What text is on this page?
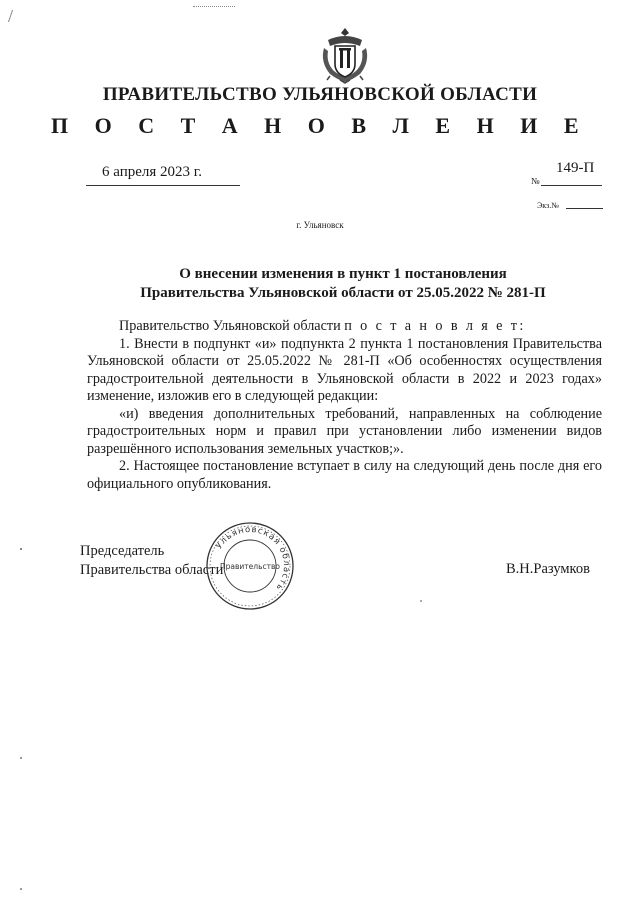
/
ПРАВИТЕЛЬСТВО УЛЬЯНОВСКОЙ ОБЛАСТИ
П О С Т А Н О В Л Е Н И Е
6 апреля 2023 г.
№
149-П
Экз.№
г. Ульяновск
О внесении изменения в пункт 1 постановления
Правительства Ульяновской области от 25.05.2022 № 281-П

Правительство Ульяновской области п о с т а н о в л я е т:

1. Внести в подпункт «и» подпункта 2 пункта 1 постановления Правительства Ульяновской области от 25.05.2022 № 281-П «Об особенностях осуществления градостроительной деятельности в Ульяновской области в 2022 и 2023 годах» изменение, изложив его в следующей редакции:

«и) введения дополнительных требований, направленных на соблюдение градостроительных норм и правил при установлении либо изменении видов разрешённого использования земельных участков;».

2. Настоящее постановление вступает в силу на следующий день после дня его официального опубликования.

Председатель
Правительства области
Ульяновская область
Правительство	В.Н.Разумков
